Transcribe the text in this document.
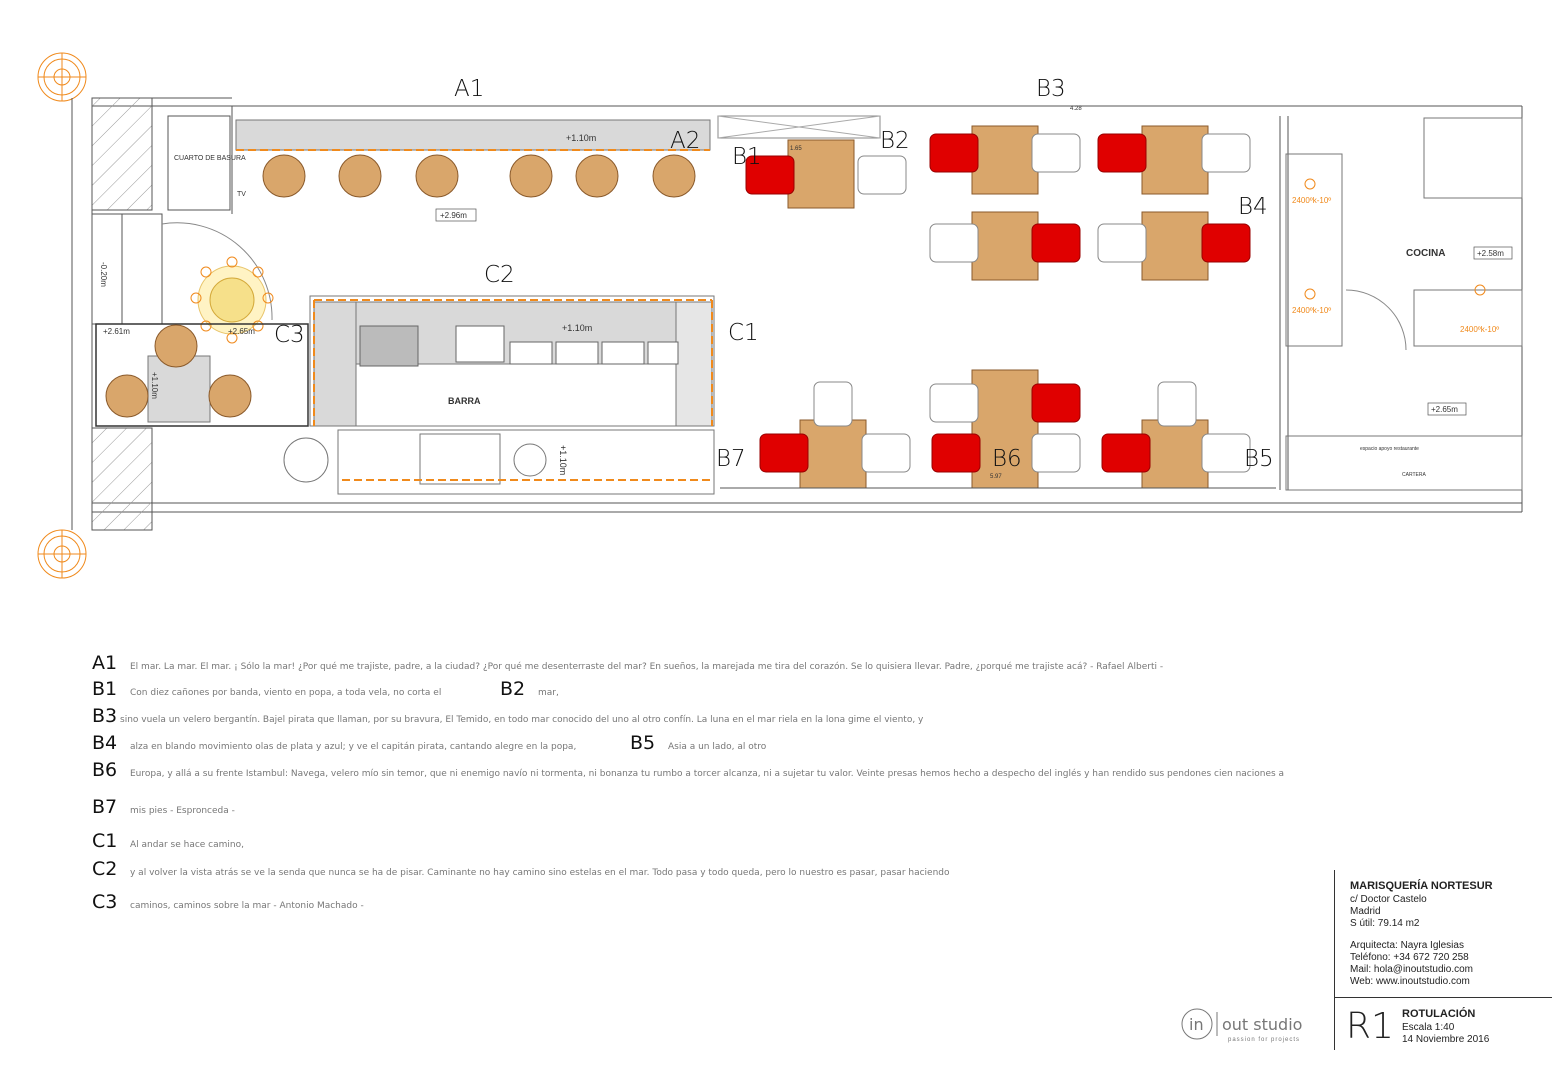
CUARTO DE BASURA
TV
+1.10m
+2.96m
-0.20m
+2.65m
+2.61m
+1.10m
+1.10m
BARRA
+1.10m
1.65
4.28
5.97
COCINA	+2.58m
2400ºk-10º
2400ºk-10º
2400ºk-10º
+2.65m
espacio apoyo restaurante
CARTERA
A1
A2
B1
B2
B3
B4
B5
B6
B7
C1
C2
C3
A1	El mar. La mar. El mar. ¡ Sólo la mar! ¿Por qué me trajiste, padre, a la ciudad? ¿Por qué me desenterraste del mar? En sueños, la marejada me tira del corazón. Se lo quisiera llevar. Padre, ¿porqué me trajiste acá? - Rafael Alberti -
B1	Con diez cañones por banda, viento en popa, a toda vela, no corta el	B2	mar,
B3 sino vuela un velero bergantín. Bajel pirata que llaman, por su bravura, El Temido, en todo mar conocido del uno al otro confín. La luna en el mar riela en la lona gime el viento, y
B4	alza en blando movimiento olas de plata y azul; y ve el capitán pirata, cantando alegre en la popa,	B5	Asia a un lado, al otro
B6	Europa, y allá a su frente Istambul: Navega, velero mío sin temor, que ni enemigo navío ni tormenta, ni bonanza tu rumbo a torcer alcanza, ni a sujetar tu valor. Veinte presas hemos hecho a despecho del inglés y han rendido sus pendones cien naciones a
B7	mis pies - Espronceda -
C1	Al andar se hace camino,
C2	y al volver la vista atrás se ve la senda que nunca se ha de pisar. Caminante no hay camino sino estelas en el mar. Todo pasa y todo queda, pero lo nuestro es pasar, pasar haciendo
C3	caminos, caminos sobre la mar - Antonio Machado -
MARISQUERÍA NORTESUR
c/ Doctor Castelo
Madrid
S útil: 79.14 m2
Arquitecta: Nayra Iglesias
Teléfono: +34 672 720 258
Mail: hola@inoutstudio.com
Web: www.inoutstudio.com
R1 ROTULACIÓN
Escala 1:40
14 Noviembre 2016
in out studio
passion for projects
